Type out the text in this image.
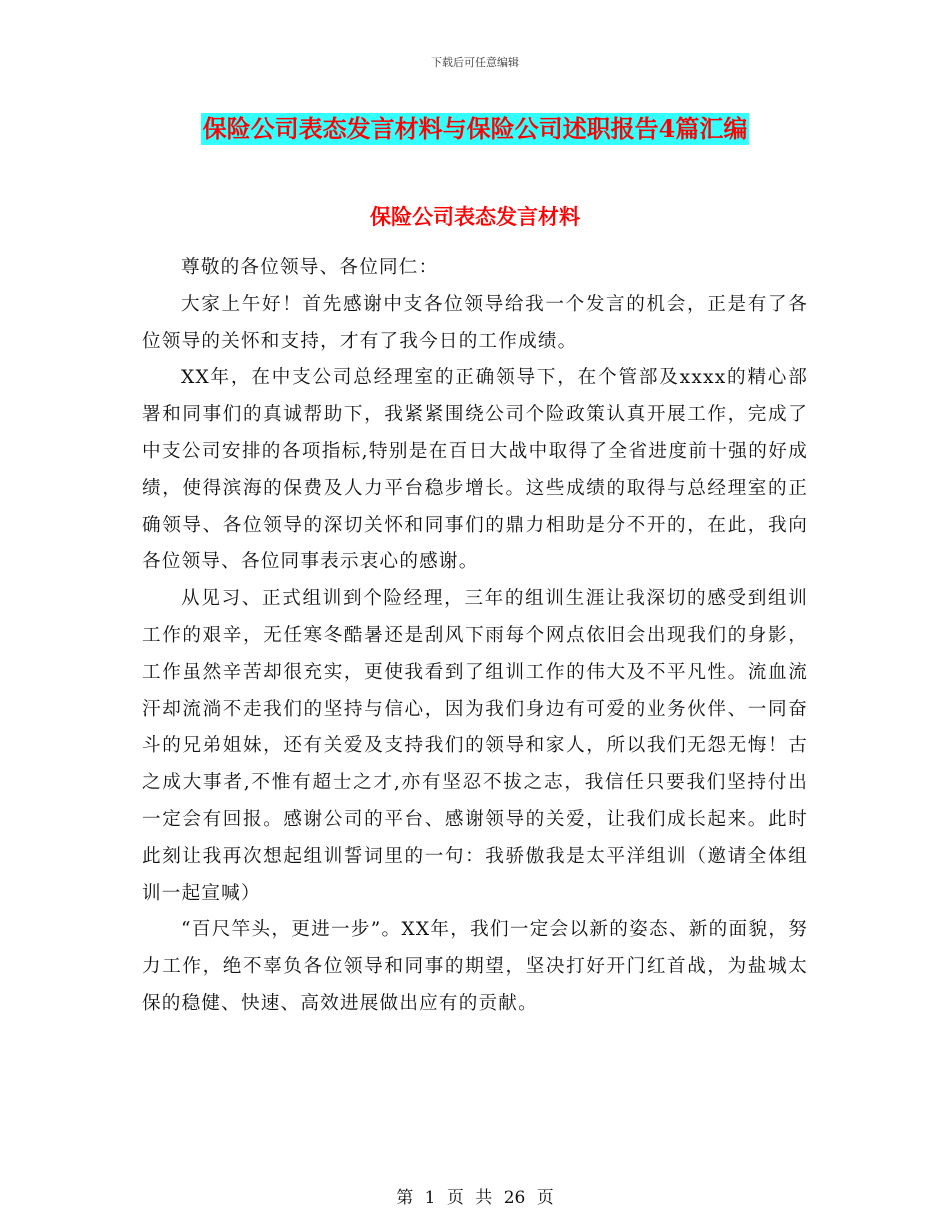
下载后可任意编辑
保险公司表态发言材料与保险公司述职报告4篇汇编
保险公司表态发言材料

尊敬的各位领导、各位同仁：

大家上午好！首先感谢中支各位领导给我一个发言的机会，正是有了各位领导的关怀和支持，才有了我今日的工作成绩。

XX年，在中支公司总经理室的正确领导下，在个管部及xxxx的精心部署和同事们的真诚帮助下，我紧紧围绕公司个险政策认真开展工作，完成了中支公司安排的各项指标,特别是在百日大战中取得了全省进度前十强的好成绩，使得滨海的保费及人力平台稳步增长。这些成绩的取得与总经理室的正确领导、各位领导的深切关怀和同事们的鼎力相助是分不开的，在此，我向各位领导、各位同事表示衷心的感谢。

从见习、正式组训到个险经理，三年的组训生涯让我深切的感受到组训工作的艰辛，无任寒冬酷暑还是刮风下雨每个网点依旧会出现我们的身影，工作虽然辛苦却很充实，更使我看到了组训工作的伟大及不平凡性。流血流汗却流淌不走我们的坚持与信心，因为我们身边有可爱的业务伙伴、一同奋斗的兄弟姐妹，还有关爱及支持我们的领导和家人，所以我们无怨无悔！古之成大事者,不惟有超士之才,亦有坚忍不拔之志，我信任只要我们坚持付出一定会有回报。感谢公司的平台、感谢领导的关爱，让我们成长起来。此时此刻让我再次想起组训誓词里的一句：我骄傲我是太平洋组训（邀请全体组训一起宣喊）

“百尺竿头，更进一步”。XX年，我们一定会以新的姿态、新的面貌，努力工作，绝不辜负各位领导和同事的期望，坚决打好开门红首战，为盐城太保的稳健、快速、高效进展做出应有的贡献。

第 1 页 共 26 页
